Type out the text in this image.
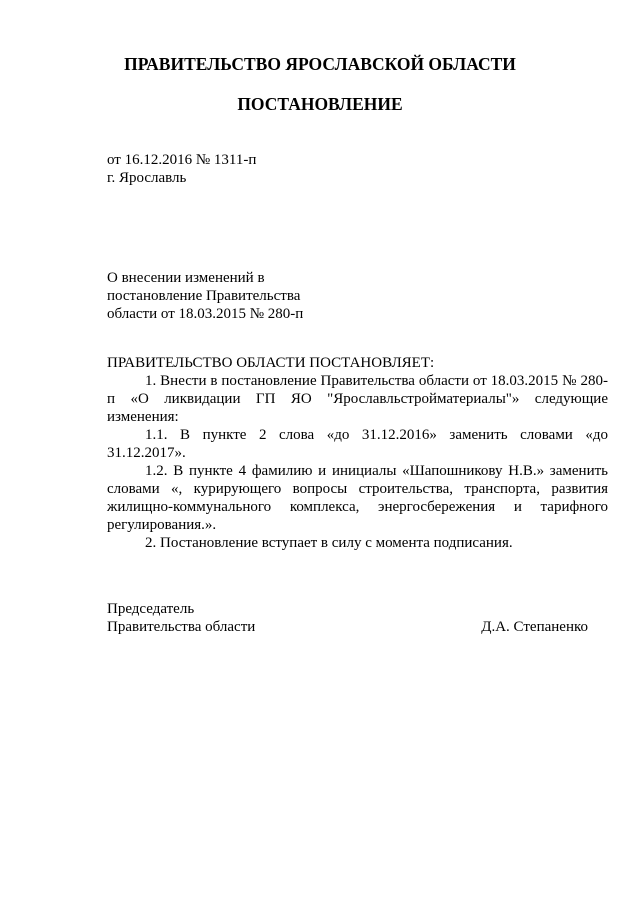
ПРАВИТЕЛЬСТВО ЯРОСЛАВСКОЙ ОБЛАСТИ
ПОСТАНОВЛЕНИЕ
от 16.12.2016 № 1311-п
г. Ярославль
О внесении изменений в
постановление Правительства
области от 18.03.2015 № 280-п

ПРАВИТЕЛЬСТВО ОБЛАСТИ ПОСТАНОВЛЯЕТ:

1. Внести в постановление Правительства области от 18.03.2015 № 280-п «О ликвидации ГП ЯО "Ярославльстройматериалы"» следующие изменения:

1.1. В пункте 2 слова «до 31.12.2016» заменить словами «до 31.12.2017».

1.2. В пункте 4 фамилию и инициалы «Шапошникову Н.В.» заменить словами «, курирующего вопросы строительства, транспорта, развития жилищно-коммунального комплекса, энергосбережения и тарифного регулирования.».

2. Постановление вступает в силу с момента подписания.

Председатель
Правительства области	Д.А. Степаненко
